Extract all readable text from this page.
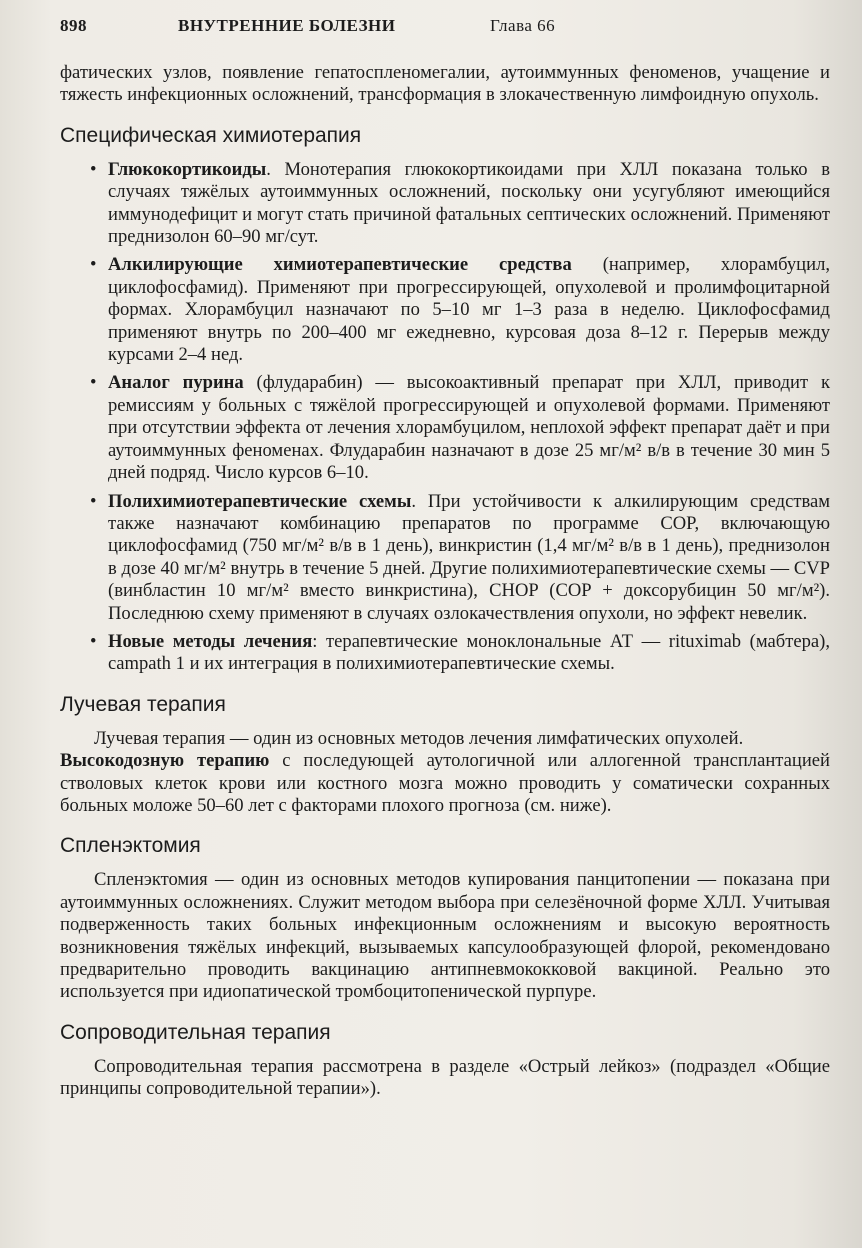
898	ВНУТРЕННИЕ БОЛЕЗНИ	Глава 66

фатических узлов, появление гепатоспленомегалии, аутоиммунных феноменов, учащение и тяжесть инфекционных осложнений, трансформация в злокачественную лимфоидную опухоль.

Специфическая химиотерапия
• Глюкокортикоиды. Монотерапия глюкокортикоидами при ХЛЛ показана только в случаях тяжёлых аутоиммунных осложнений, поскольку они усугубляют имеющийся иммунодефицит и могут стать причиной фатальных септических осложнений. Применяют преднизолон 60–90 мг/сут.

• Алкилирующие химиотерапевтические средства (например, хлорамбуцил, циклофосфамид). Применяют при прогрессирующей, опухолевой и пролимфоцитарной формах. Хлорамбуцил назначают по 5–10 мг 1–3 раза в неделю. Циклофосфамид применяют внутрь по 200–400 мг ежедневно, курсовая доза 8–12 г. Перерыв между курсами 2–4 нед.

• Аналог пурина (флударабин) — высокоактивный препарат при ХЛЛ, приводит к ремиссиям у больных с тяжёлой прогрессирующей и опухолевой формами. Применяют при отсутствии эффекта от лечения хлорамбуцилом, неплохой эффект препарат даёт и при аутоиммунных феноменах. Флударабин назначают в дозе 25 мг/м² в/в в течение 30 мин 5 дней подряд. Число курсов 6–10.

• Полихимиотерапевтические схемы. При устойчивости к алкилирующим средствам также назначают комбинацию препаратов по программе COP, включающую циклофосфамид (750 мг/м² в/в в 1 день), винкристин (1,4 мг/м² в/в в 1 день), преднизолон в дозе 40 мг/м² внутрь в течение 5 дней. Другие полихимиотерапевтические схемы — CVP (винбластин 10 мг/м² вместо винкристина), CHOP (COP + доксорубицин 50 мг/м²). Последнюю схему применяют в случаях озлокачествления опухоли, но эффект невелик.

• Новые методы лечения: терапевтические моноклональные АТ — rituximab (мабтера), campath 1 и их интеграция в полихимиотерапевтические схемы.

Лучевая терапия

Лучевая терапия — один из основных методов лечения лимфатических опухолей.

Высокодозную терапию с последующей аутологичной или аллогенной трансплантацией стволовых клеток крови или костного мозга можно проводить у соматически сохранных больных моложе 50–60 лет с факторами плохого прогноза (см. ниже).

Спленэктомия

Спленэктомия — один из основных методов купирования панцитопении — показана при аутоиммунных осложнениях. Служит методом выбора при селезёночной форме ХЛЛ. Учитывая подверженность таких больных инфекционным осложнениям и высокую вероятность возникновения тяжёлых инфекций, вызываемых капсулообразующей флорой, рекомендовано предварительно проводить вакцинацию антипневмококковой вакциной. Реально это используется при идиопатической тромбоцитопенической пурпуре.

Сопроводительная терапия

Сопроводительная терапия рассмотрена в разделе «Острый лейкоз» (подраздел «Общие принципы сопроводительной терапии»).
